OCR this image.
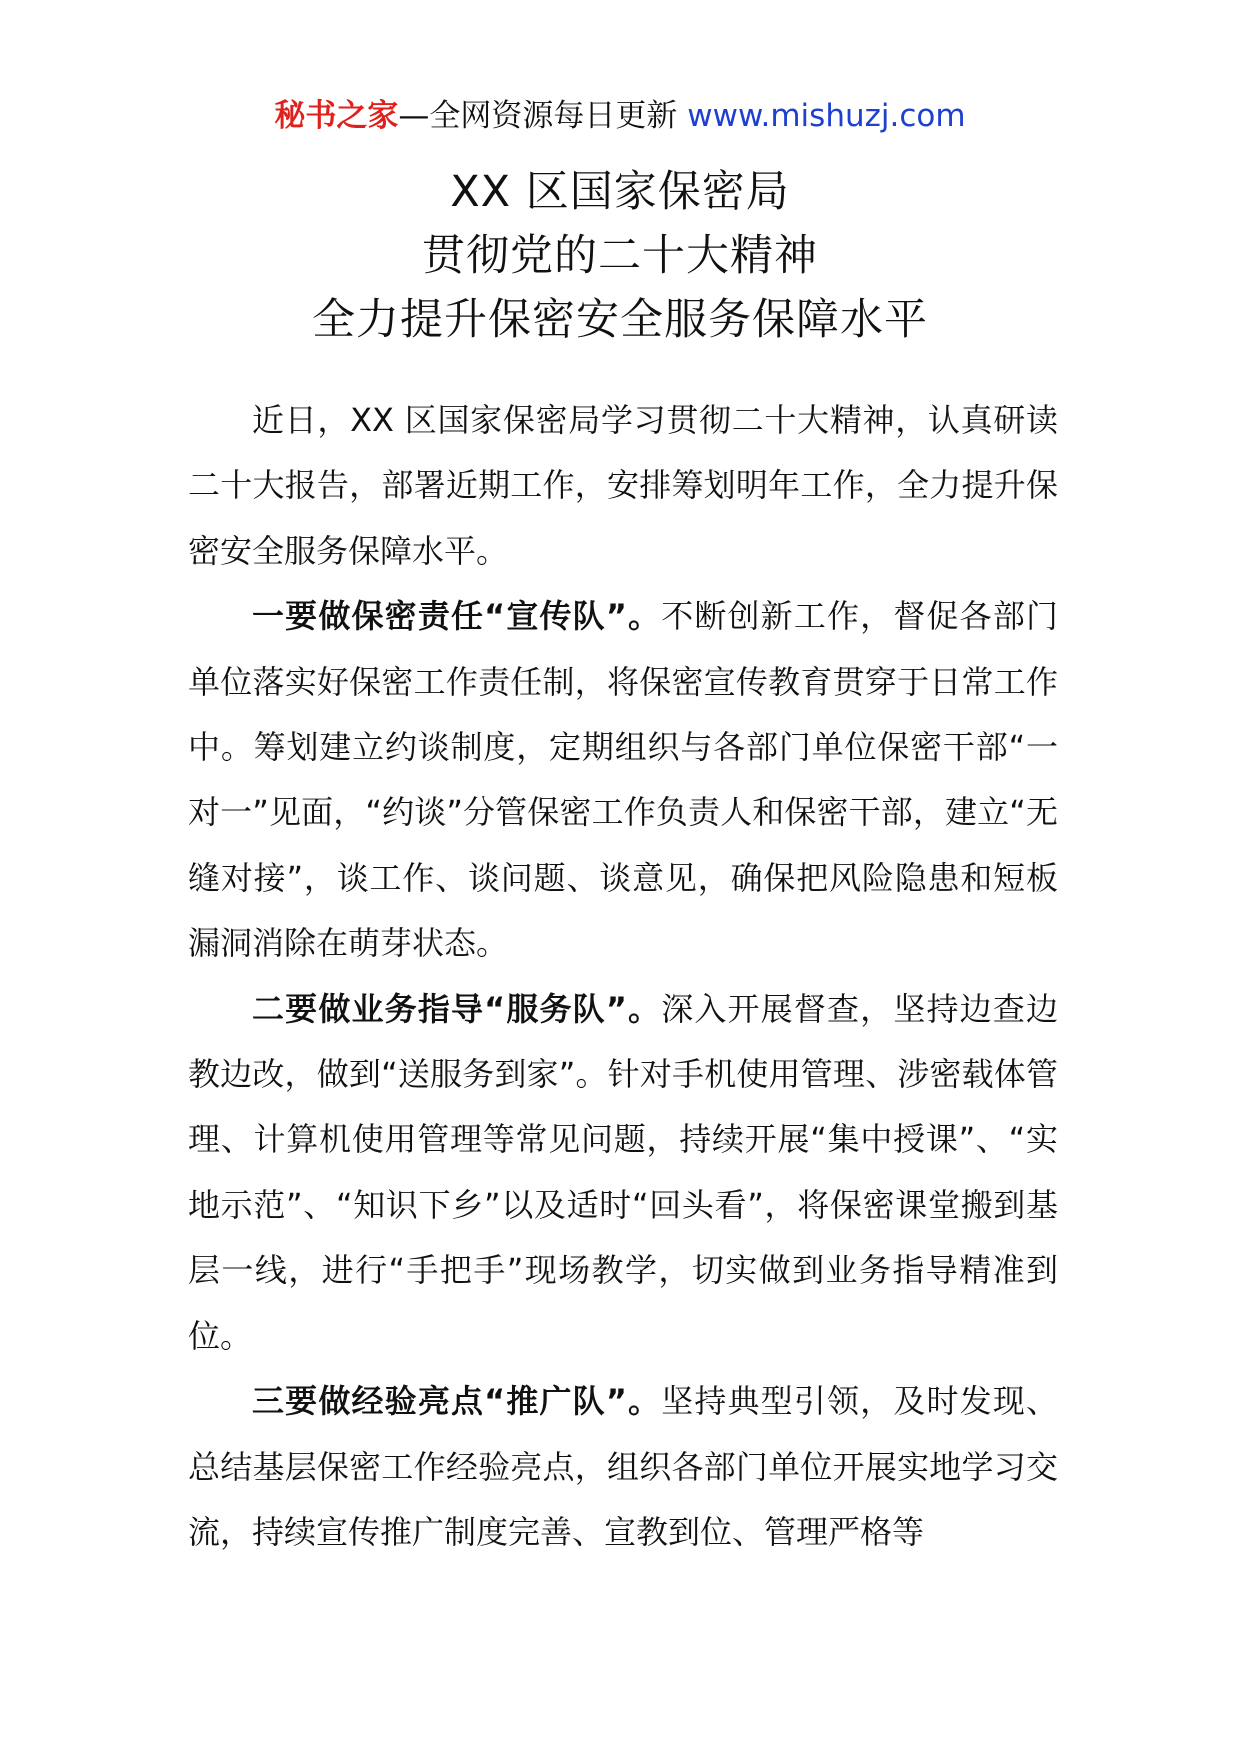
秘书之家—全网资源每日更新 www.mishuzj.com
XX 区国家保密局
贯彻党的二十大精神
全力提升保密安全服务保障水平

近日，XX 区国家保密局学习贯彻二十大精神，认真研读二十大报告，部署近期工作，安排筹划明年工作，全力提升保密安全服务保障水平。

一要做保密责任“宣传队”。不断创新工作，督促各部门单位落实好保密工作责任制，将保密宣传教育贯穿于日常工作中。筹划建立约谈制度，定期组织与各部门单位保密干部“一对一”见面，“约谈”分管保密工作负责人和保密干部，建立“无缝对接”，谈工作、谈问题、谈意见，确保把风险隐患和短板漏洞消除在萌芽状态。

二要做业务指导“服务队”。深入开展督查，坚持边查边教边改，做到“送服务到家”。针对手机使用管理、涉密载体管理、计算机使用管理等常见问题，持续开展“集中授课”、“实地示范”、“知识下乡”以及适时“回头看”，将保密课堂搬到基层一线，进行“手把手”现场教学，切实做到业务指导精准到位。

三要做经验亮点“推广队”。坚持典型引领，及时发现、总结基层保密工作经验亮点，组织各部门单位开展实地学习交流，持续宣传推广制度完善、宣教到位、管理严格等
